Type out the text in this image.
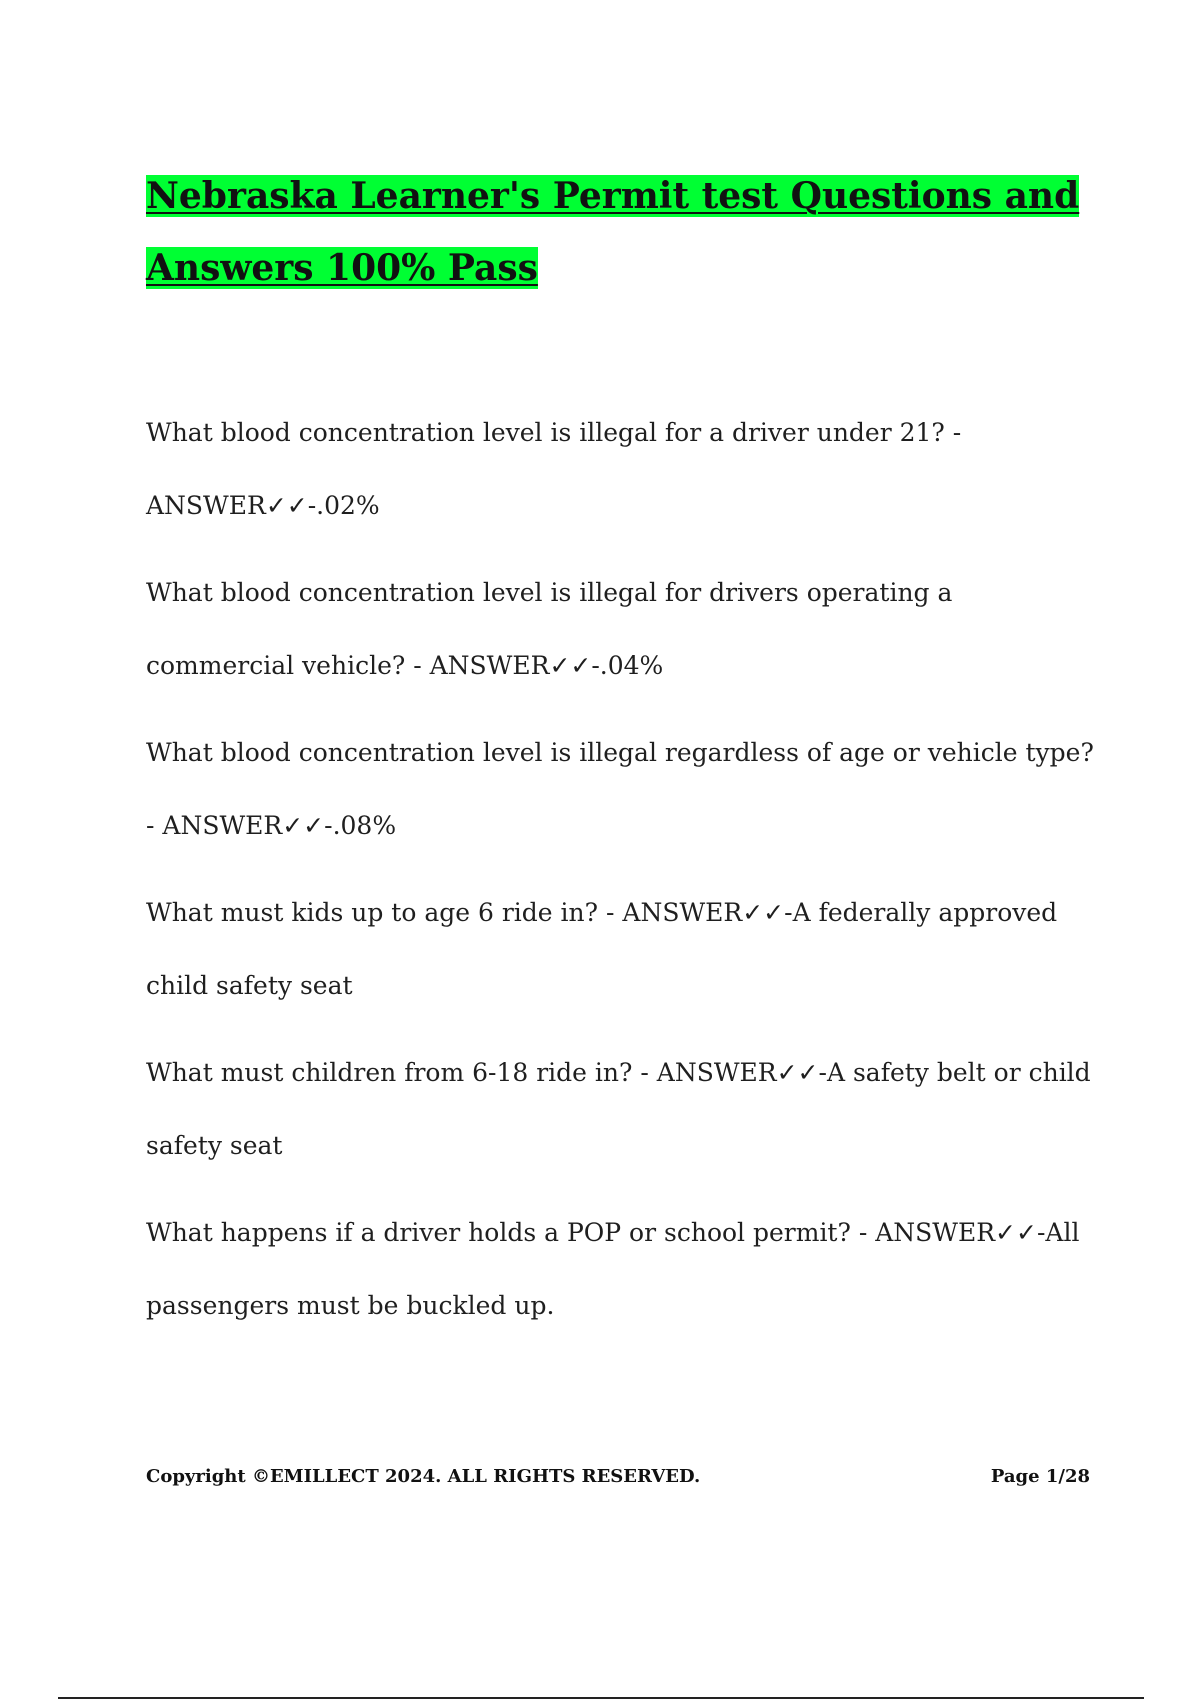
Nebraska Learner's Permit test Questions and
Answers 100% Pass
What blood concentration level is illegal for a driver under 21? - ANSWER✓✓-.02%
What blood concentration level is illegal for drivers operating a commercial vehicle? - ANSWER✓✓-.04%
What blood concentration level is illegal regardless of age or vehicle type? - ANSWER✓✓-.08%
What must kids up to age 6 ride in? - ANSWER✓✓-A federally approved child safety seat
What must children from 6-18 ride in? - ANSWER✓✓-A safety belt or child safety seat
What happens if a driver holds a POP or school permit? - ANSWER✓✓-All passengers must be buckled up.
Copyright ©EMILLECT 2024. ALL RIGHTS RESERVED.	Page 1/28
